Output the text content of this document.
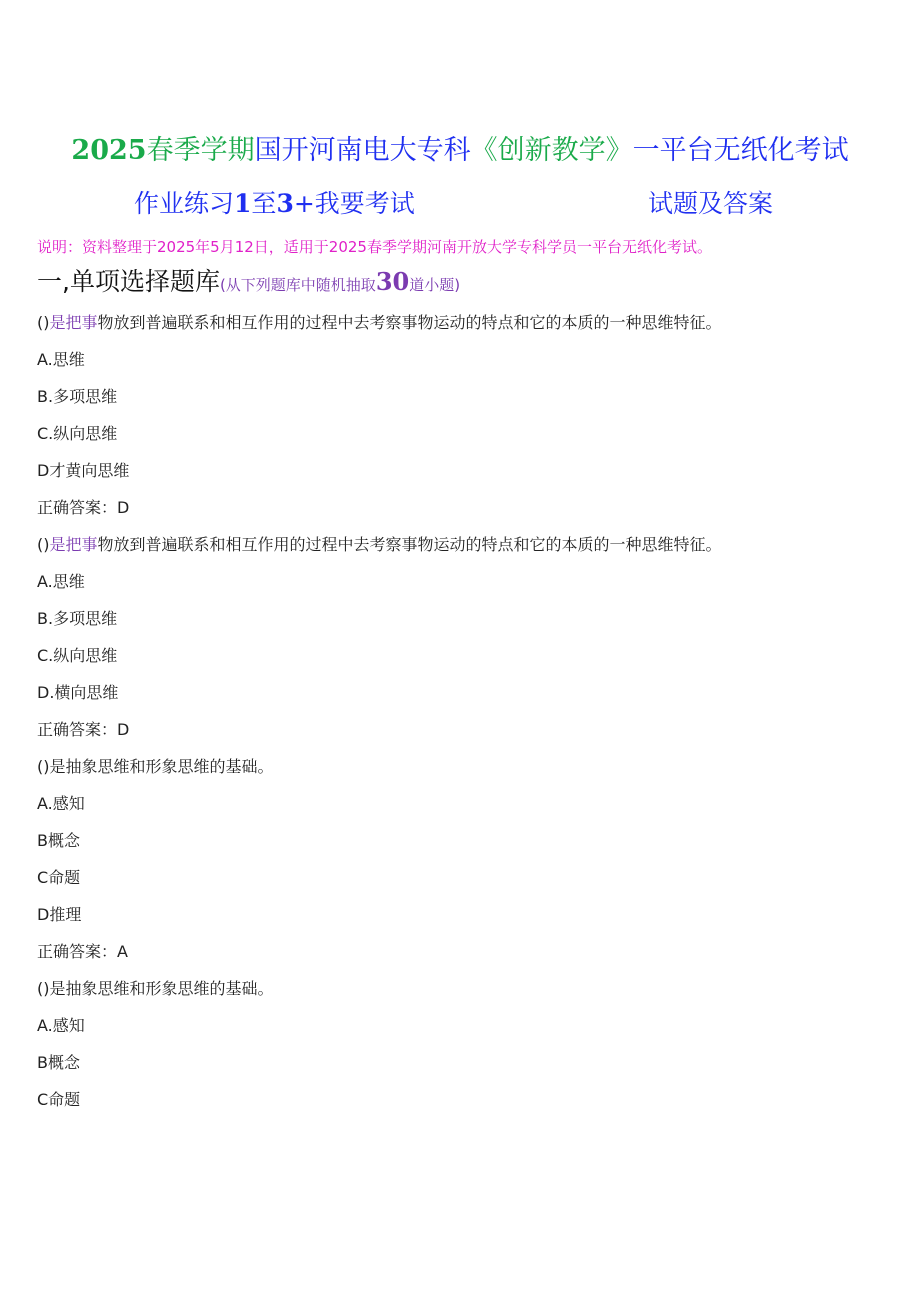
2025春季学期国开河南电大专科《创新教学》一平台无纸化考试
作业练习1至3+我要考试	试题及答案
说明：资料整理于2025年5月12日，适用于2025春季学期河南开放大学专科学员一平台无纸化考试。
一,单项选择题库(从下列题库中随机抽取30道小题)
()是把事物放到普遍联系和相互作用的过程中去考察事物运动的特点和它的本质的一种思维特征。
A.思维
B.多项思维
C.纵向思维
D才黄向思维
正确答案：D
()是把事物放到普遍联系和相互作用的过程中去考察事物运动的特点和它的本质的一种思维特征。
A.思维
B.多项思维
C.纵向思维
D.横向思维
正确答案：D
()是抽象思维和形象思维的基础。
A.感知
B概念
C命题
D推理
正确答案：A
()是抽象思维和形象思维的基础。
A.感知
B概念
C命题
